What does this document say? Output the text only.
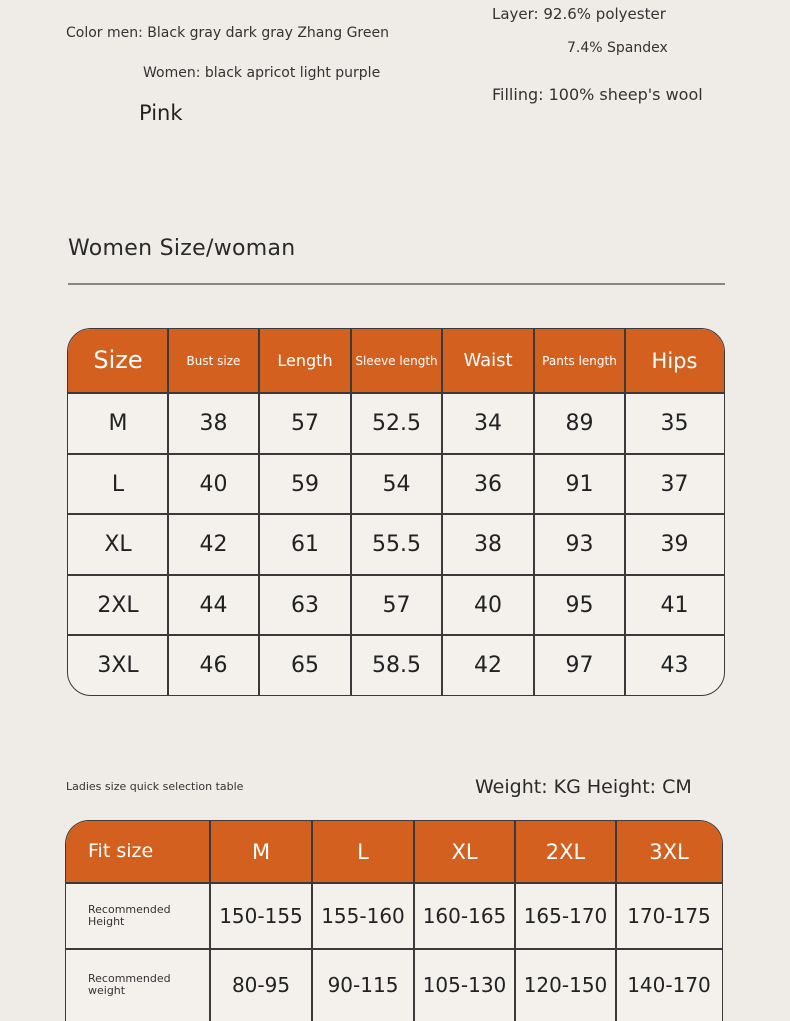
Color men: Black gray dark gray Zhang Green
Women: black apricot light purple
Pink
Layer: 92.6% polyester
7.4% Spandex
Filling: 100% sheep's wool
Women Size/woman
Size	Bust size	Length	Sleeve length	Waist	Pants length	Hips
M	38	57	52.5	34	89	35
L	40	59	54	36	91	37
XL	42	61	55.5	38	93	39
2XL	44	63	57	40	95	41
3XL	46	65	58.5	42	97	43
Ladies size quick selection table	Weight: KG Height: CM
Fit size	M	L	XL	2XL	3XL
Recommended Height	150-155 155-160 160-165 165-170 170-175
Recommended weight	80-95	90-115	105-130 120-150 140-170
